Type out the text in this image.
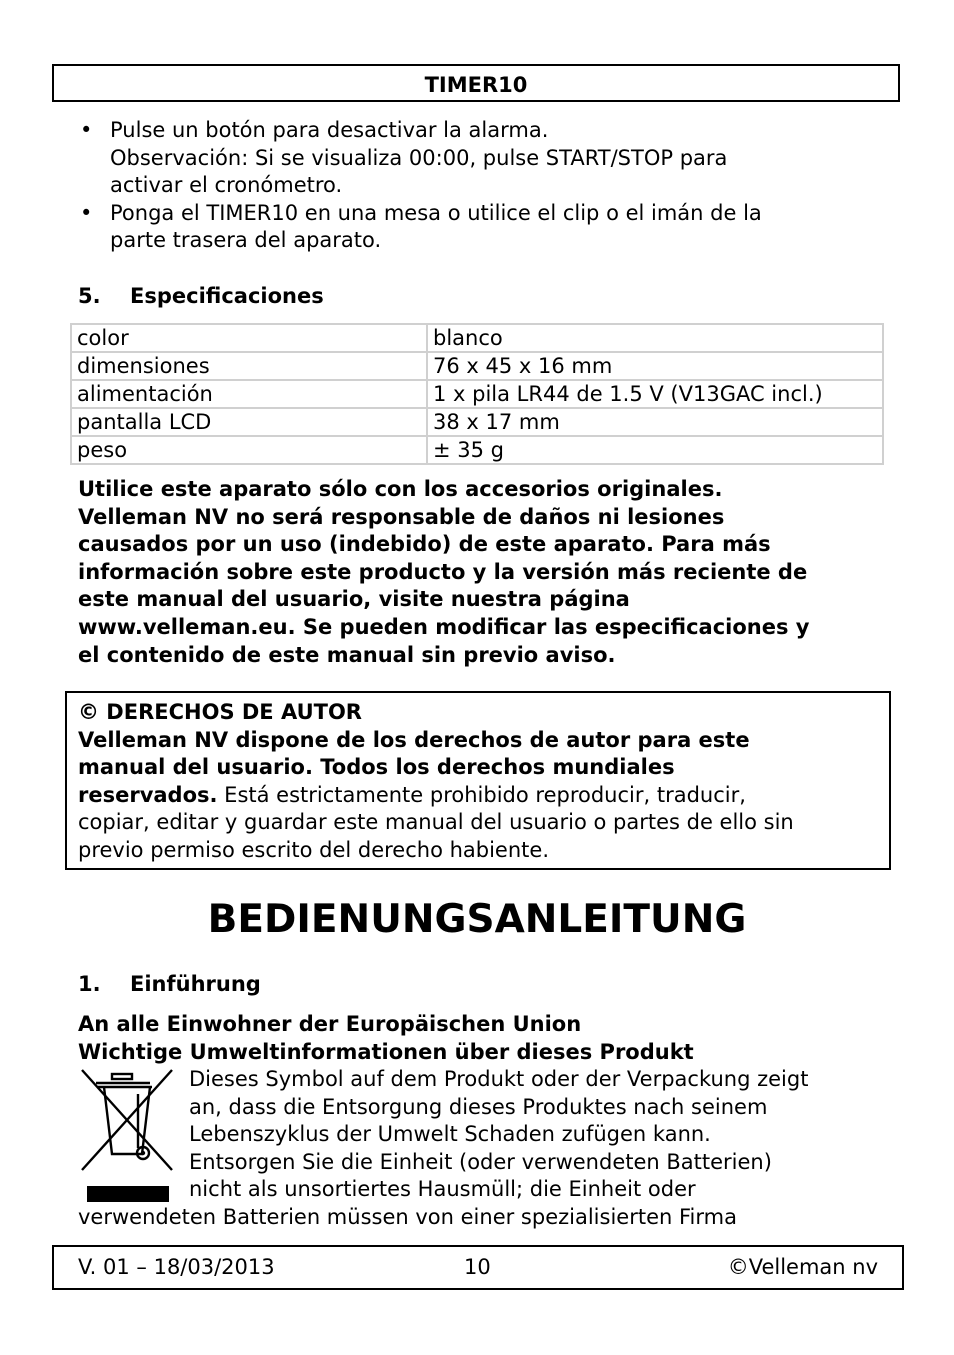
TIMER10
• Pulse un botón para desactivar la alarma.
Observación: Si se visualiza 00:00, pulse START/STOP para
activar el cronómetro.
• Ponga el TIMER10 en una mesa o utilice el clip o el imán de la
parte trasera del aparato.
5. Especificaciones
color	blanco
dimensiones	76 x 45 x 16 mm
alimentación	1 x pila LR44 de 1.5 V (V13GAC incl.)
pantalla LCD	38 x 17 mm
peso	± 35 g
Utilice este aparato sólo con los accesorios originales.
Velleman NV no será responsable de daños ni lesiones
causados por un uso (indebido) de este aparato. Para más
información sobre este producto y la versión más reciente de
este manual del usuario, visite nuestra página
www.velleman.eu. Se pueden modificar las especificaciones y
el contenido de este manual sin previo aviso.
© DERECHOS DE AUTOR
Velleman NV dispone de los derechos de autor para este
manual del usuario. Todos los derechos mundiales
reservados. Está estrictamente prohibido reproducir, traducir,
copiar, editar y guardar este manual del usuario o partes de ello sin
previo permiso escrito del derecho habiente.
BEDIENUNGSANLEITUNG
1. Einführung
An alle Einwohner der Europäischen Union
Wichtige Umweltinformationen über dieses Produkt
Dieses Symbol auf dem Produkt oder der Verpackung zeigt
an, dass die Entsorgung dieses Produktes nach seinem
Lebenszyklus der Umwelt Schaden zufügen kann.
Entsorgen Sie die Einheit (oder verwendeten Batterien)
nicht als unsortiertes Hausmüll; die Einheit oder
verwendeten Batterien müssen von einer spezialisierten Firma
V. 01 – 18/03/2013	10	©Velleman nv
